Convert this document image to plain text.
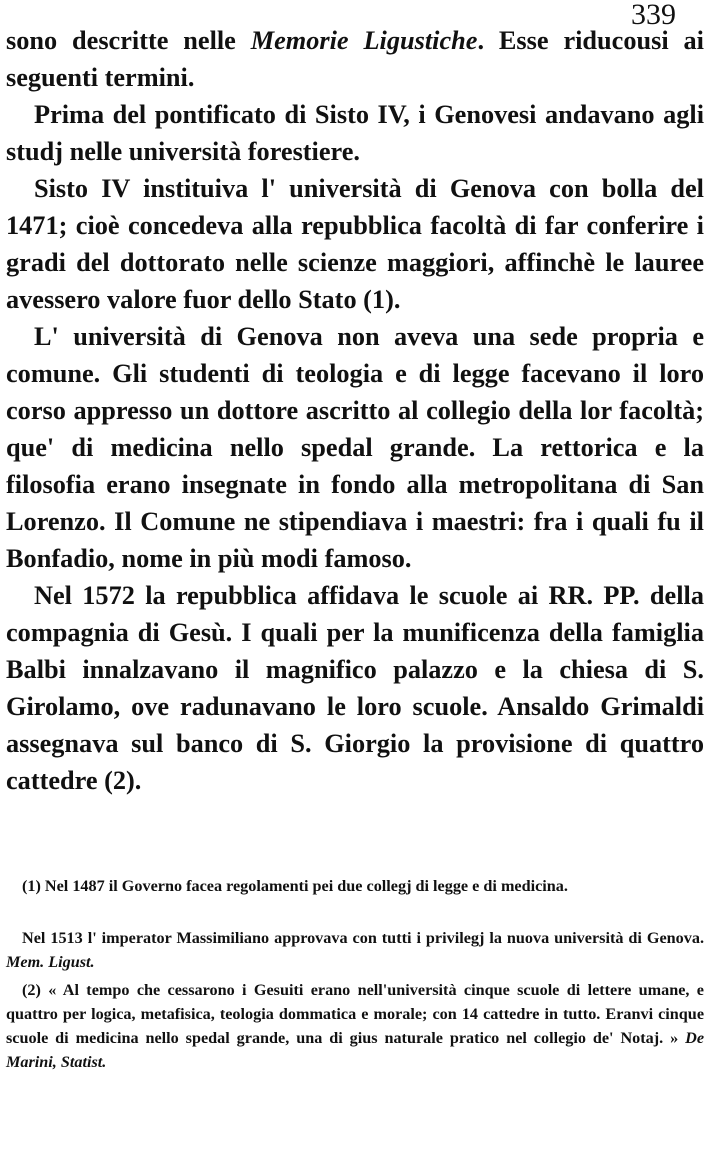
339

sono descritte nelle Memorie Ligustiche. Esse riducousi ai seguenti termini.

Prima del pontificato di Sisto IV, i Genovesi andavano agli studj nelle università forestiere.

Sisto IV instituiva l' università di Genova con bolla del 1471; cioè concedeva alla repubblica facoltà di far conferire i gradi del dottorato nelle scienze maggiori, affinchè le lauree avessero valore fuor dello Stato (1).

L' università di Genova non aveva una sede propria e comune. Gli studenti di teologia e di legge facevano il loro corso appresso un dottore ascritto al collegio della lor facoltà; que' di medicina nello spedal grande. La rettorica e la filosofia erano insegnate in fondo alla metropolitana di San Lorenzo. Il Comune ne stipendiava i maestri: fra i quali fu il Bonfadio, nome in più modi famoso.

Nel 1572 la repubblica affidava le scuole ai RR. PP. della compagnia di Gesù. I quali per la munificenza della famiglia Balbi innalzavano il magnifico palazzo e la chiesa di S. Girolamo, ove radunavano le loro scuole. Ansaldo Grimaldi assegnava sul banco di S. Giorgio la provisione di quattro cattedre (2).

(1) Nel 1487 il Governo facea regolamenti pei due collegj di legge e di medicina.

Nel 1513 l' imperator Massimiliano approvava con tutti i privilegj la nuova università di Genova. Mem. Ligust.

(2) « Al tempo che cessarono i Gesuiti erano nell'università cinque scuole di lettere umane, e quattro per logica, metafisica, teologia dommatica e morale; con 14 cattedre in tutto. Eranvi cinque scuole di medicina nello spedal grande, una di gius naturale pratico nel collegio de' Notaj. » De Marini, Statist.
